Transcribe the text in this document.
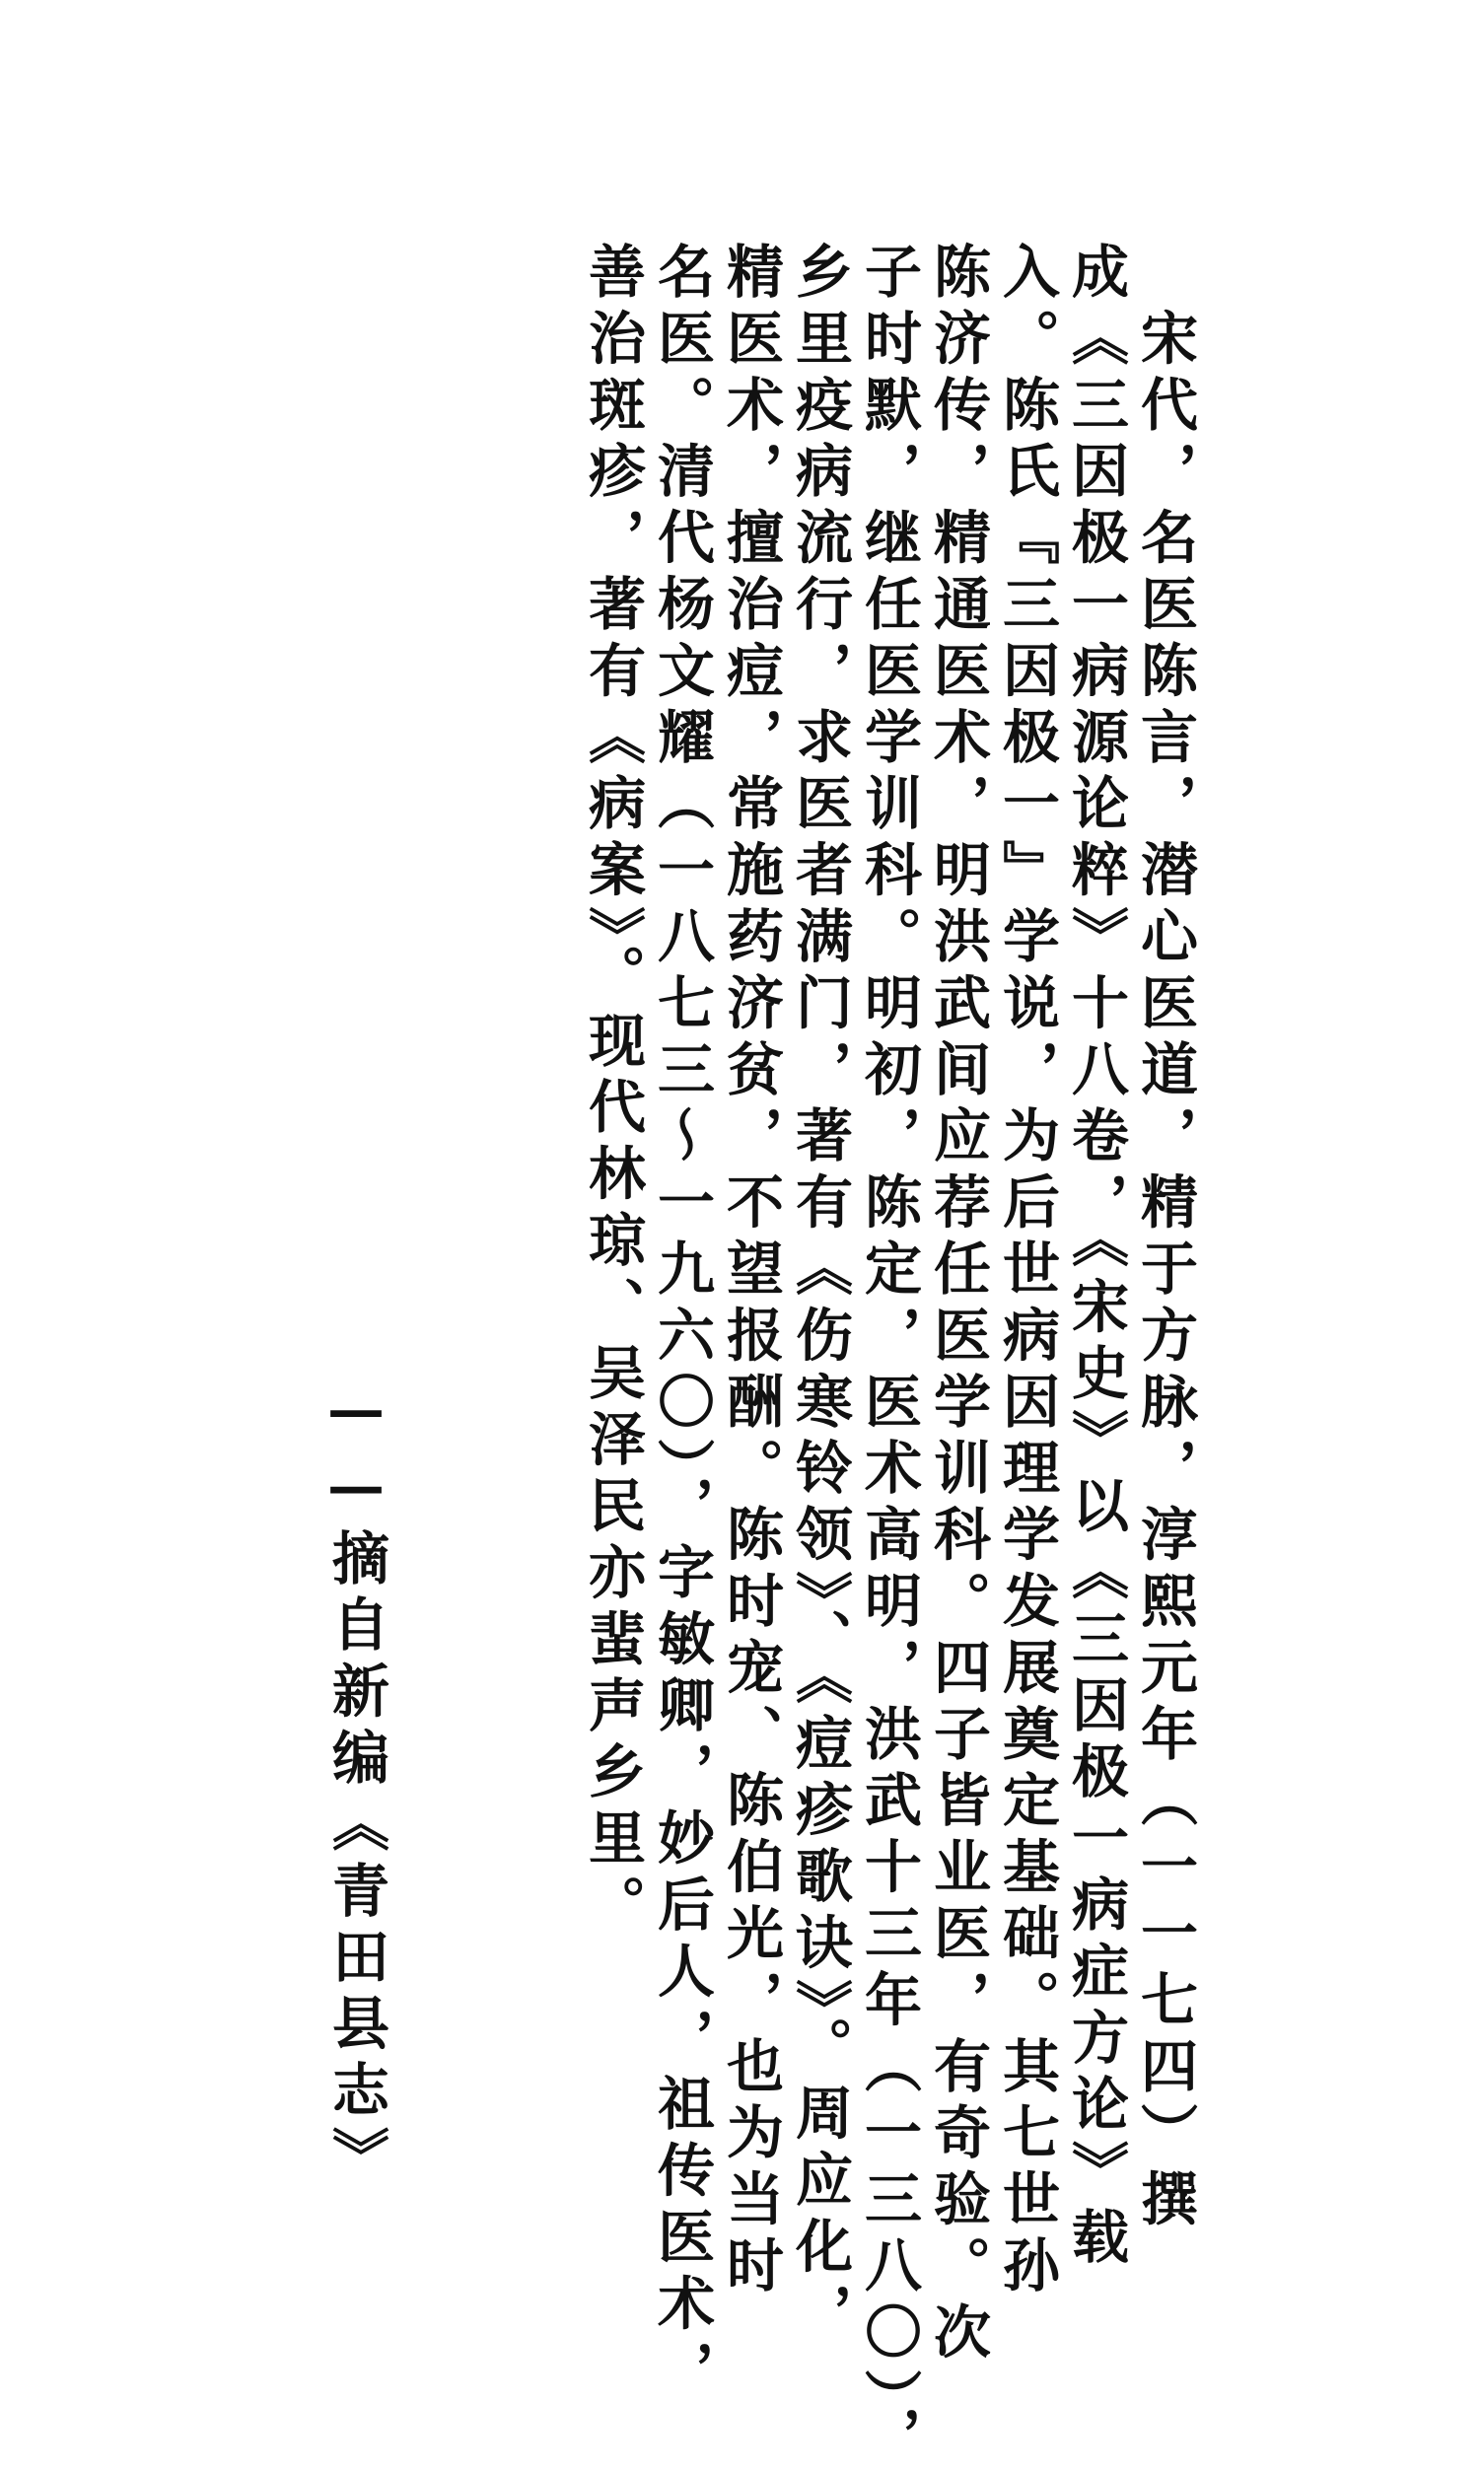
　宋代，名医陈言，潜心医道，精于方脉，淳熙元年（一一七四）撰
成《三因极一病源论粹》十八卷，《宋史》以《三因极一病症方论》载
入。陈氏『三因极一』学说，为后世病因理学发展奠定基础。其七世孙
陈济传，精通医术，明洪武间应荐任医学训科。四子皆业医，有奇验。次
子时默，继任医学训科。明初，陈定，医术高明，洪武十三年（一三八〇），
乡里疫病流行，求医者满门，著有《伤寒铃领》、《痘疹歌诀》。周应化，
精医术，擅治痘，常施药济贫，不望报酬。陈时宠、陈伯光，也为当时
名医。清代杨文耀（一八七三～一九六〇），字敏卿，妙后人，祖传医术，
善治斑疹，著有《病案》。现代林琼、吴泽民亦蜚声乡里。
——摘自新编《青田县志》
